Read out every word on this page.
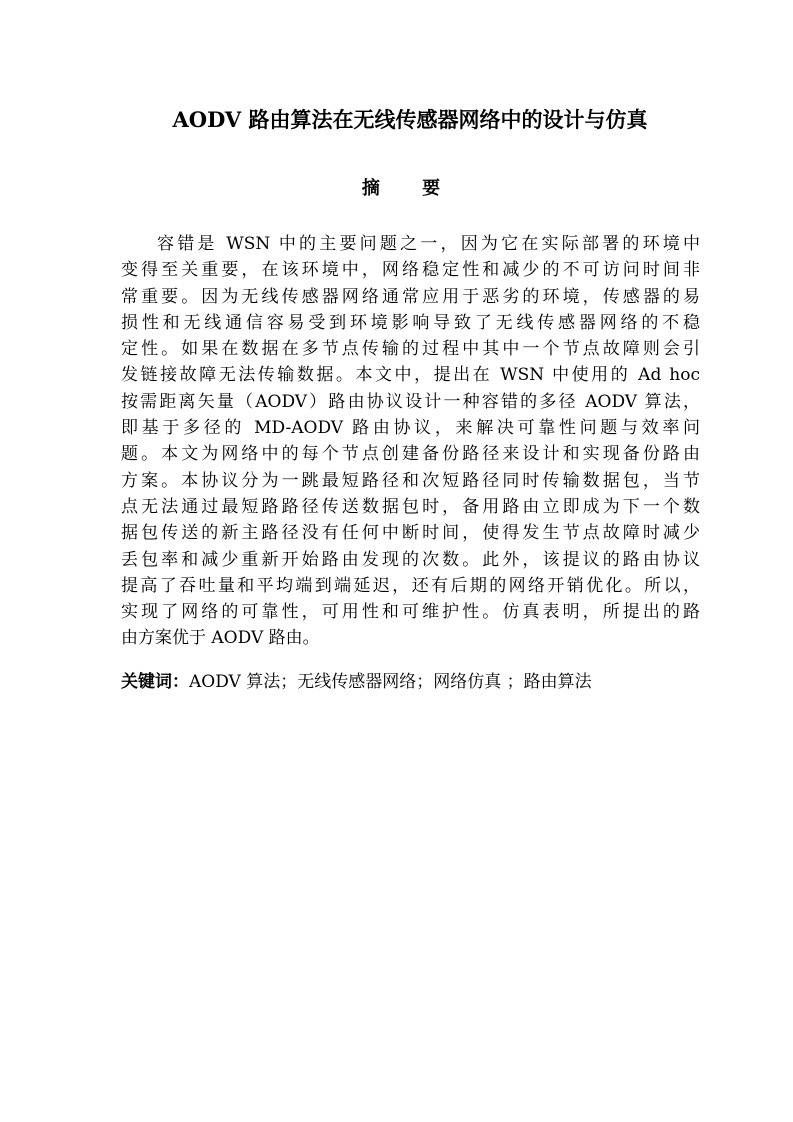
AODV 路由算法在无线传感器网络中的设计与仿真
摘 要
容错是 WSN 中的主要问题之一，因为它在实际部署的环境中
变得至关重要，在该环境中，网络稳定性和减少的不可访问时间非
常重要。因为无线传感器网络通常应用于恶劣的环境，传感器的易
损性和无线通信容易受到环境影响导致了无线传感器网络的不稳
定性。如果在数据在多节点传输的过程中其中一个节点故障则会引
发链接故障无法传输数据。本文中，提出在 WSN 中使用的 Ad hoc
按需距离矢量（AODV）路由协议设计一种容错的多径 AODV 算法，
即基于多径的 MD-AODV 路由协议，来解决可靠性问题与效率问
题。本文为网络中的每个节点创建备份路径来设计和实现备份路由
方案。本协议分为一跳最短路径和次短路径同时传输数据包，当节
点无法通过最短路路径传送数据包时，备用路由立即成为下一个数
据包传送的新主路径没有任何中断时间，使得发生节点故障时减少
丢包率和减少重新开始路由发现的次数。此外，该提议的路由协议
提高了吞吐量和平均端到端延迟，还有后期的网络开销优化。所以，
实现了网络的可靠性，可用性和可维护性。仿真表明，所提出的路
由方案优于 AODV 路由。
关键词：AODV 算法；无线传感器网络；网络仿真 ；路由算法
